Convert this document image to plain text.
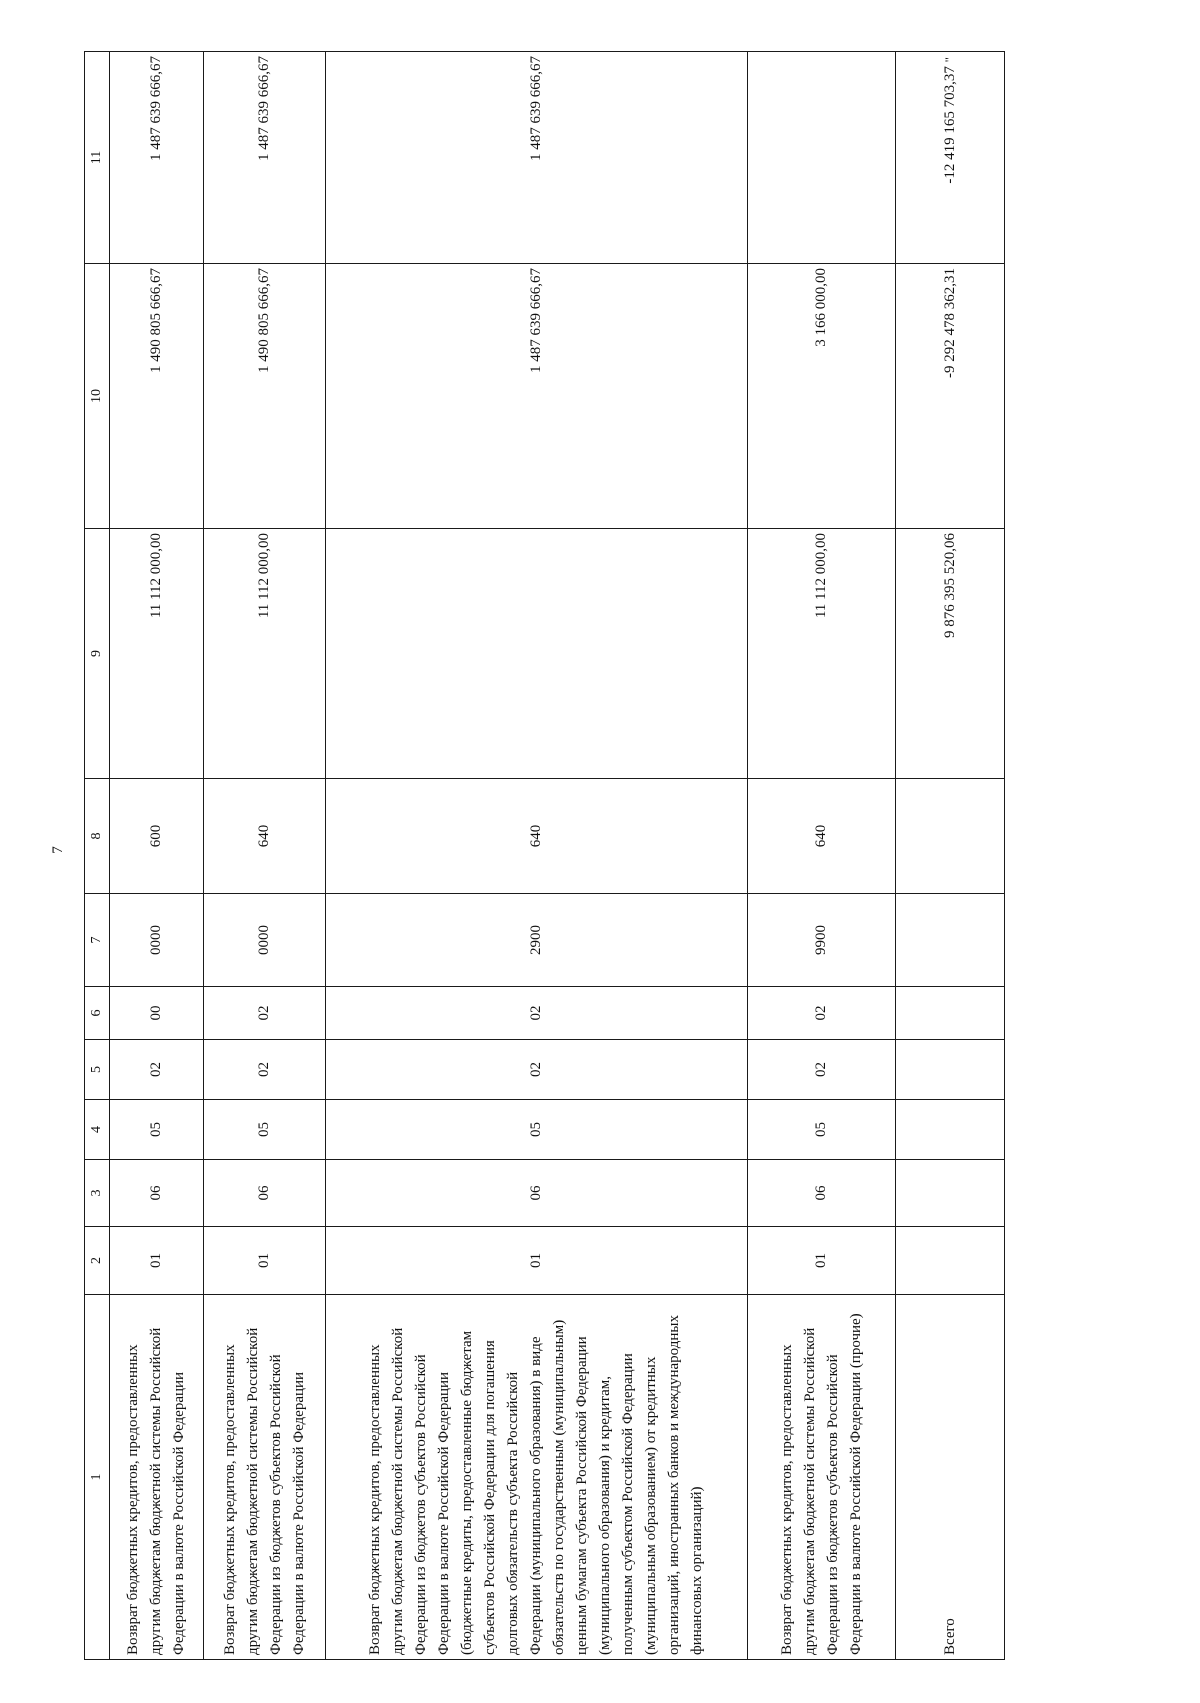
7
1	2	3	4	5	6	7	8	9	10	11
Возврат бюджетных кредитов, предоставленных другим бюджетам бюджетной системы Российской Федерации в валюте Российской Федерации	01	06	05	02	00	0000	600	11 112 000,00	1 490 805 666,67	1 487 639 666,67
Возврат бюджетных кредитов, предоставленных другим бюджетам бюджетной системы Российской Федерации из бюджетов субъектов Российской Федерации в валюте Российской Федерации	01	06	05	02	02	0000	640	11 112 000,00	1 490 805 666,67	1 487 639 666,67
Возврат бюджетных кредитов, предоставленных другим бюджетам бюджетной системы Российской Федерации из бюджетов субъектов Российской Федерации в валюте Российской Федерации (бюджетные кредиты, предоставленные бюджетам субъектов Российской Федерации для погашения долговых обязательств субъекта Российской Федерации (муниципального образования) в виде обязательств по государственным (муниципальным) ценным бумагам субъекта Российской Федерации (муниципального образования) и кредитам, полученным субъектом Российской Федерации (муниципальным образованием) от кредитных организаций, иностранных банков и международных финансовых организаций)	01	06	05	02	02	2900	640		1 487 639 666,67	1 487 639 666,67
Возврат бюджетных кредитов, предоставленных другим бюджетам бюджетной системы Российской Федерации из бюджетов субъектов Российской Федерации в валюте Российской Федерации (прочие)	01	06	05	02	02	9900	640	11 112 000,00	3 166 000,00	
Всего								9 876 395 520,06	-9 292 478 362,31	-12 419 165 703,37 "
